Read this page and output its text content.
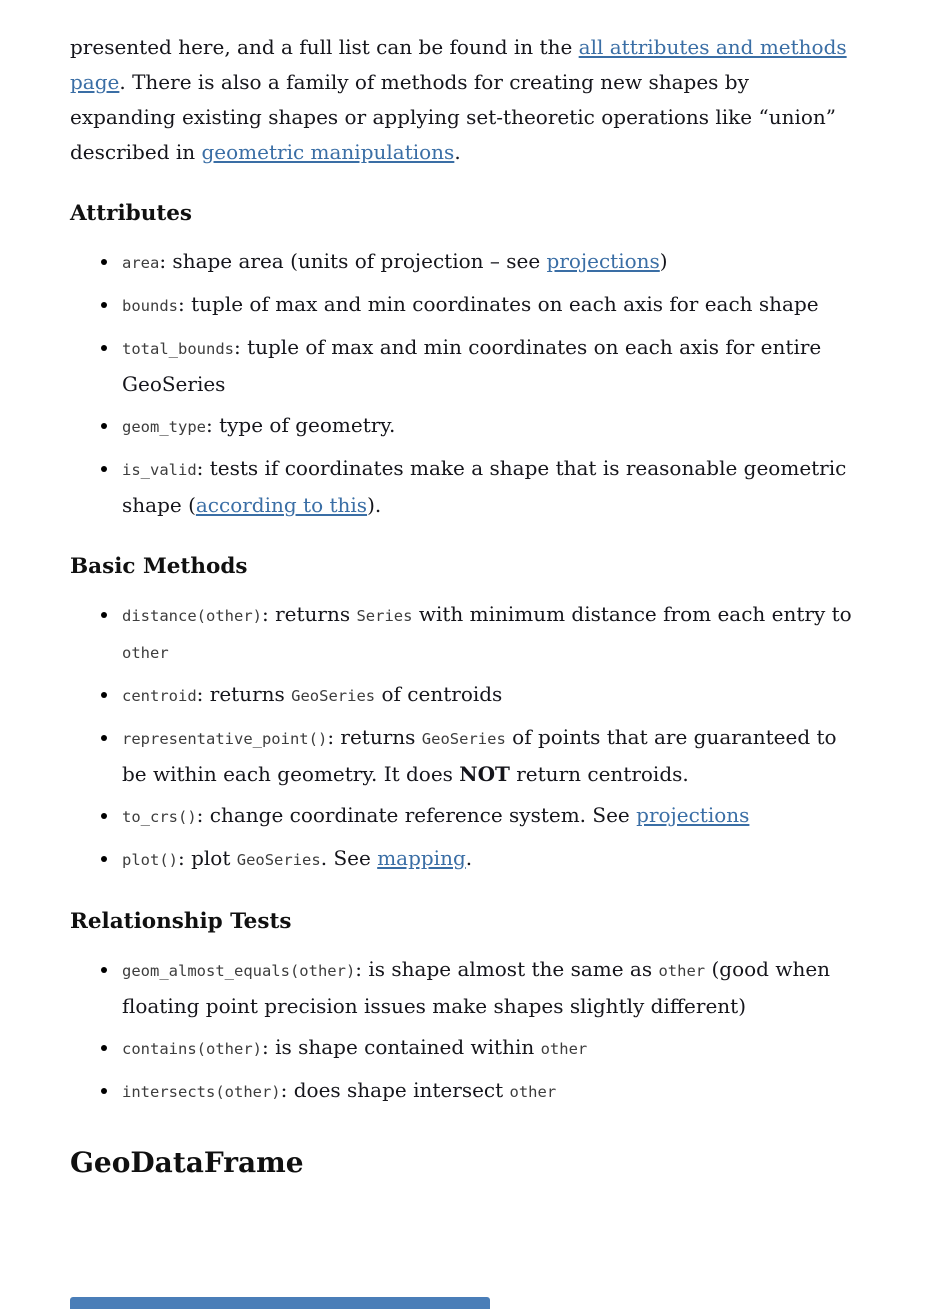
presented here, and a full list can be found in the all attributes and methods page. There is also a family of methods for creating new shapes by expanding existing shapes or applying set-theoretic operations like “union” described in geometric manipulations.

Attributes
• area: shape area (units of projection – see projections)
• bounds: tuple of max and min coordinates on each axis for each shape
• total_bounds: tuple of max and min coordinates on each axis for entire GeoSeries
• geom_type: type of geometry.
• is_valid: tests if coordinates make a shape that is reasonable geometric shape (according to this).
Basic Methods
• distance(other): returns Series with minimum distance from each entry to other
• centroid: returns GeoSeries of centroids
• representative_point(): returns GeoSeries of points that are guaranteed to be within each geometry. It does NOT return centroids.
• to_crs(): change coordinate reference system. See projections
• plot(): plot GeoSeries. See mapping.
Relationship Tests
• geom_almost_equals(other): is shape almost the same as other (good when floating point precision issues make shapes slightly different)
• contains(other): is shape contained within other
• intersects(other): does shape intersect other
GeoDataFrame
